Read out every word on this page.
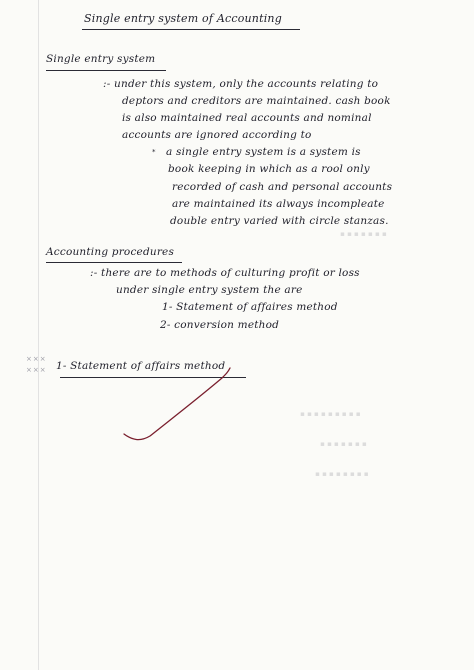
▪ ▪ ▪ ▪ ▪ ▪ ▪
▪ ▪ ▪ ▪ ▪ ▪ ▪ ▪ ▪
▪ ▪ ▪ ▪ ▪ ▪ ▪
▪ ▪ ▪ ▪ ▪ ▪ ▪ ▪
Single entry system of Accounting
Single entry system
:- under this system, only the accounts relating to
deptors and creditors are maintained. cash book
is also maintained real accounts and nominal
accounts are ignored according to
* a single entry system is a system is
book keeping in which as a rool only
recorded of cash and personal accounts
are maintained its always incompleate
double entry varied with circle stanzas.
Accounting procedures
:- there are to methods of culturing profit or loss
under single entry system the are
1- Statement of affaires method
2- conversion method
×××
××× 1- Statement of affairs method
